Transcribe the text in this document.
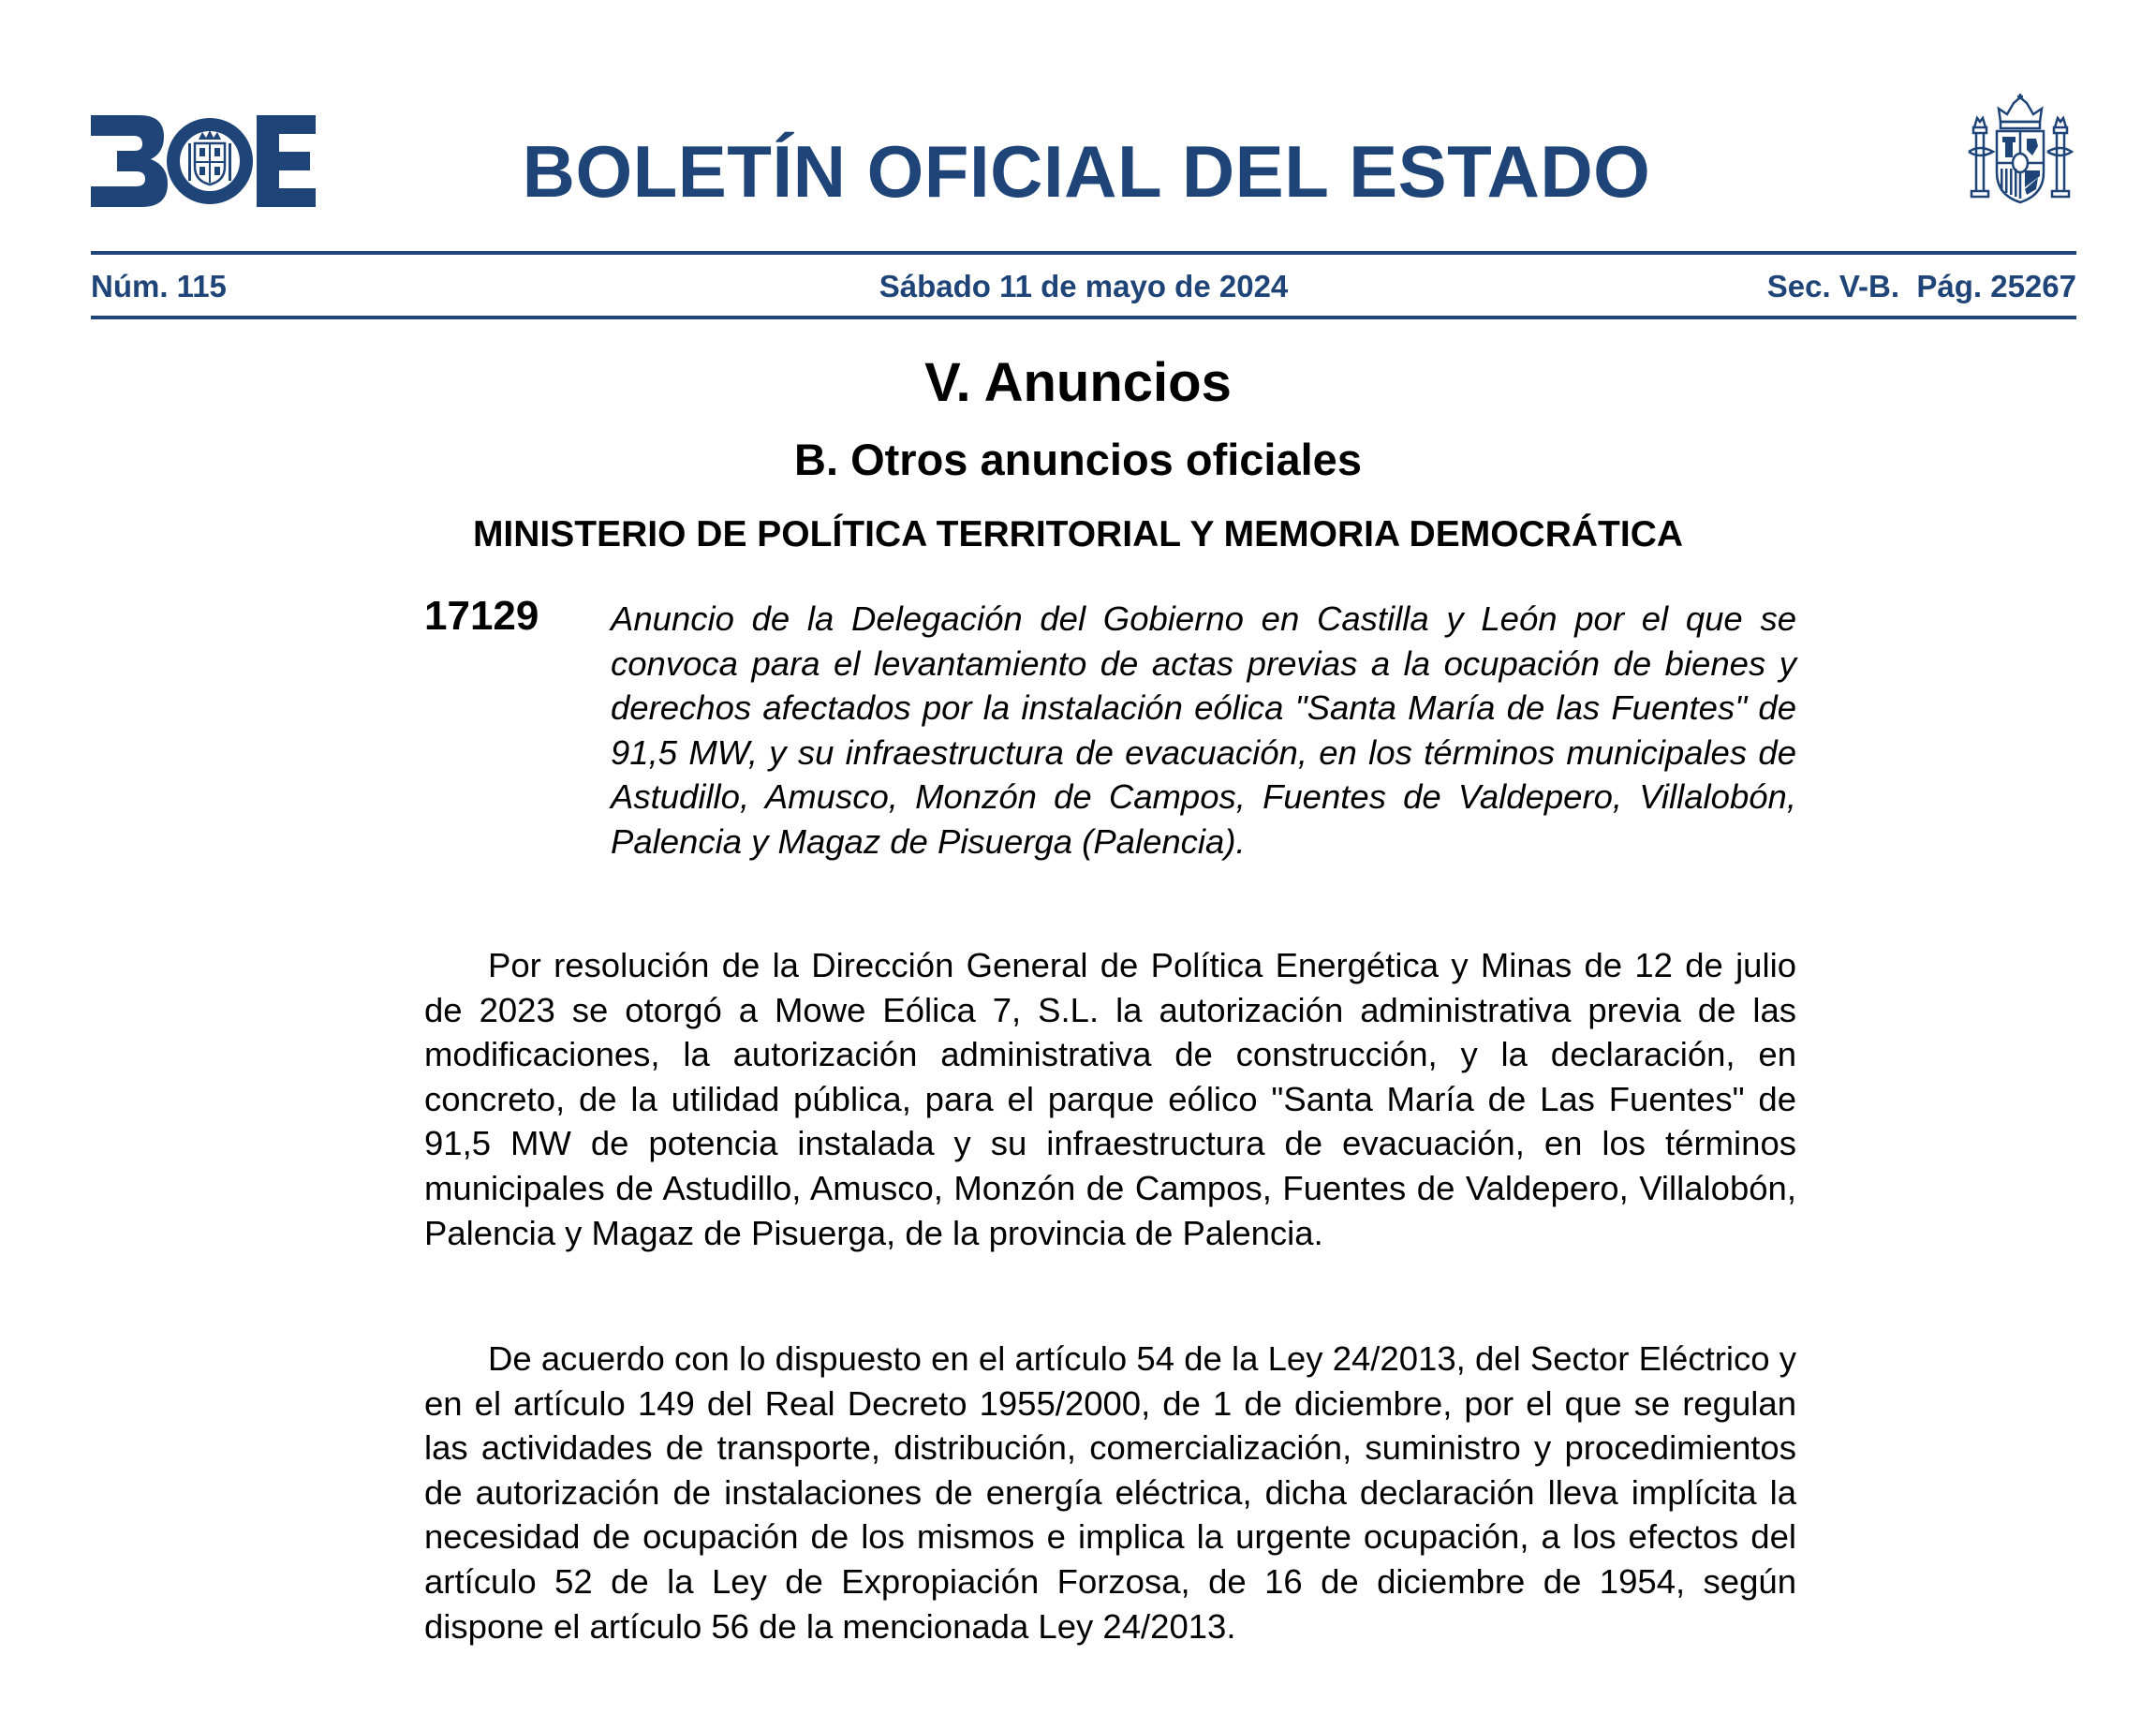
BOLETÍN OFICIAL DEL ESTADO
Núm. 115	Sábado 11 de mayo de 2024	Sec. V-B.  Pág. 25267
V. Anuncios
B. Otros anuncios oficiales
MINISTERIO DE POLÍTICA TERRITORIAL Y MEMORIA DEMOCRÁTICA
17129 Anuncio de la Delegación del Gobierno en Castilla y León por el que se convoca para el levantamiento de actas previas a la ocupación de bienes y derechos afectados por la instalación eólica "Santa María de las Fuentes" de 91,5 MW, y su infraestructura de evacuación, en los términos municipales de Astudillo, Amusco, Monzón de Campos, Fuentes de Valdepero, Villalobón, Palencia y Magaz de Pisuerga (Palencia).

Por resolución de la Dirección General de Política Energética y Minas de 12 de julio de 2023 se otorgó a Mowe Eólica 7, S.L. la autorización administrativa previa de las modificaciones, la autorización administrativa de construcción, y la declaración, en concreto, de la utilidad pública, para el parque eólico "Santa María de Las Fuentes" de 91,5 MW de potencia instalada y su infraestructura de evacuación, en los términos municipales de Astudillo, Amusco, Monzón de Campos, Fuentes de Valdepero, Villalobón, Palencia y Magaz de Pisuerga, de la provincia de Palencia.

De acuerdo con lo dispuesto en el artículo 54 de la Ley 24/2013, del Sector Eléctrico y en el artículo 149 del Real Decreto 1955/2000, de 1 de diciembre, por el que se regulan las actividades de transporte, distribución, comercialización, suministro y procedimientos de autorización de instalaciones de energía eléctrica, dicha declaración lleva implícita la necesidad de ocupación de los mismos e implica la urgente ocupación, a los efectos del artículo 52 de la Ley de Expropiación Forzosa, de 16 de diciembre de 1954, según dispone el artículo 56 de la mencionada Ley 24/2013.
